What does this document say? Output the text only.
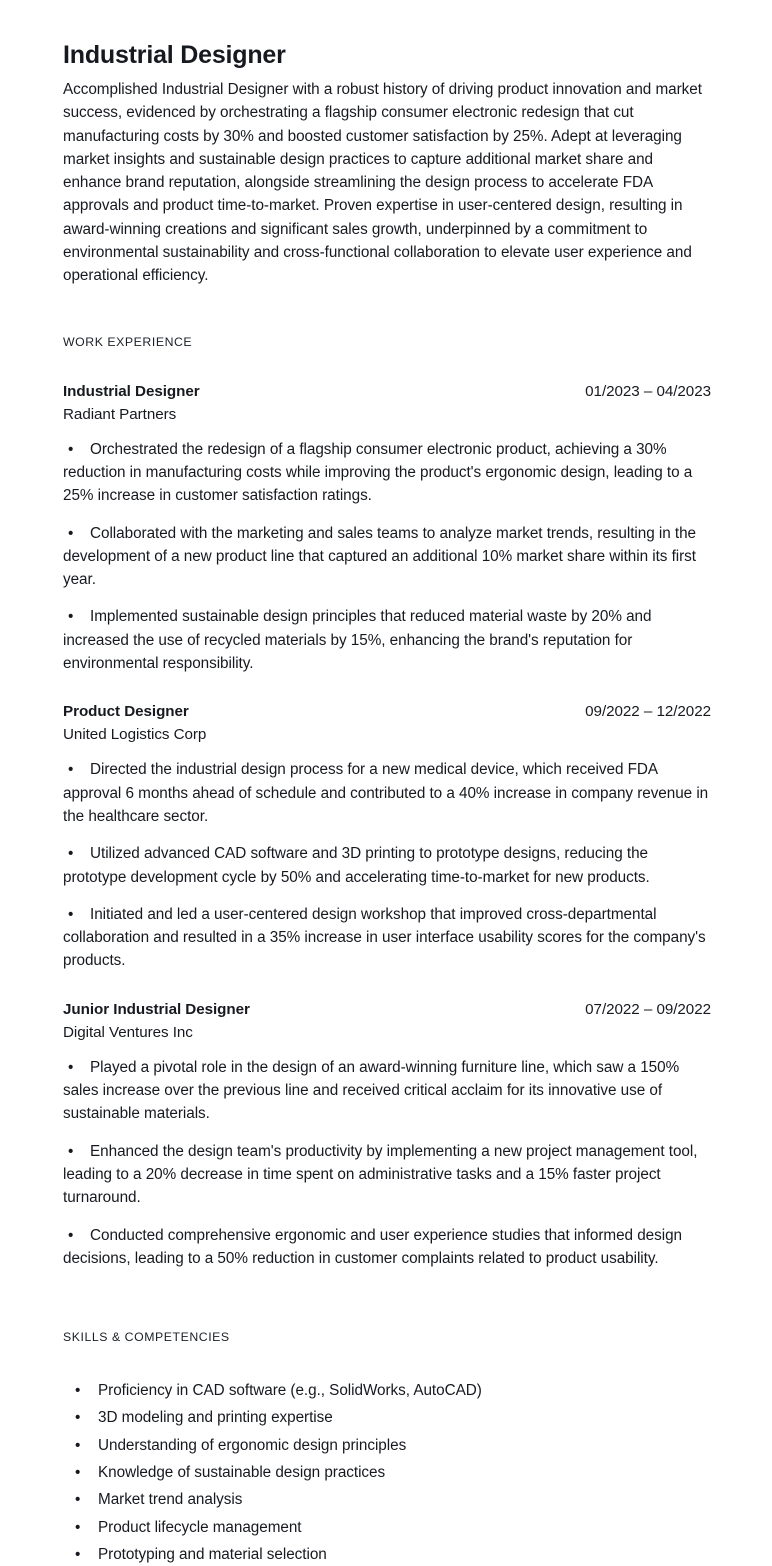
Industrial Designer

Accomplished Industrial Designer with a robust history of driving product innovation and market success, evidenced by orchestrating a flagship consumer electronic redesign that cut manufacturing costs by 30% and boosted customer satisfaction by 25%. Adept at leveraging market insights and sustainable design practices to capture additional market share and enhance brand reputation, alongside streamlining the design process to accelerate FDA approvals and product time-to-market. Proven expertise in user-centered design, resulting in award-winning creations and significant sales growth, underpinned by a commitment to environmental sustainability and cross-functional collaboration to elevate user experience and operational efficiency.

WORK EXPERIENCE
Industrial Designer	01/2023 – 04/2023
Radiant Partners
• Orchestrated the redesign of a flagship consumer electronic product, achieving a 30% reduction in manufacturing costs while improving the product's ergonomic design, leading to a 25% increase in customer satisfaction ratings.
• Collaborated with the marketing and sales teams to analyze market trends, resulting in the development of a new product line that captured an additional 10% market share within its first year.
• Implemented sustainable design principles that reduced material waste by 20% and increased the use of recycled materials by 15%, enhancing the brand's reputation for environmental responsibility.
Product Designer	09/2022 – 12/2022
United Logistics Corp
• Directed the industrial design process for a new medical device, which received FDA approval 6 months ahead of schedule and contributed to a 40% increase in company revenue in the healthcare sector.
• Utilized advanced CAD software and 3D printing to prototype designs, reducing the prototype development cycle by 50% and accelerating time-to-market for new products.
• Initiated and led a user-centered design workshop that improved cross-departmental collaboration and resulted in a 35% increase in user interface usability scores for the company's products.
Junior Industrial Designer	07/2022 – 09/2022
Digital Ventures Inc
• Played a pivotal role in the design of an award-winning furniture line, which saw a 150% sales increase over the previous line and received critical acclaim for its innovative use of sustainable materials.
• Enhanced the design team's productivity by implementing a new project management tool, leading to a 20% decrease in time spent on administrative tasks and a 15% faster project turnaround.
• Conducted comprehensive ergonomic and user experience studies that informed design decisions, leading to a 50% reduction in customer complaints related to product usability.
SKILLS & COMPETENCIES
• Proficiency in CAD software (e.g., SolidWorks, AutoCAD)
• 3D modeling and printing expertise
• Understanding of ergonomic design principles
• Knowledge of sustainable design practices
• Market trend analysis
• Product lifecycle management
• Prototyping and material selection
